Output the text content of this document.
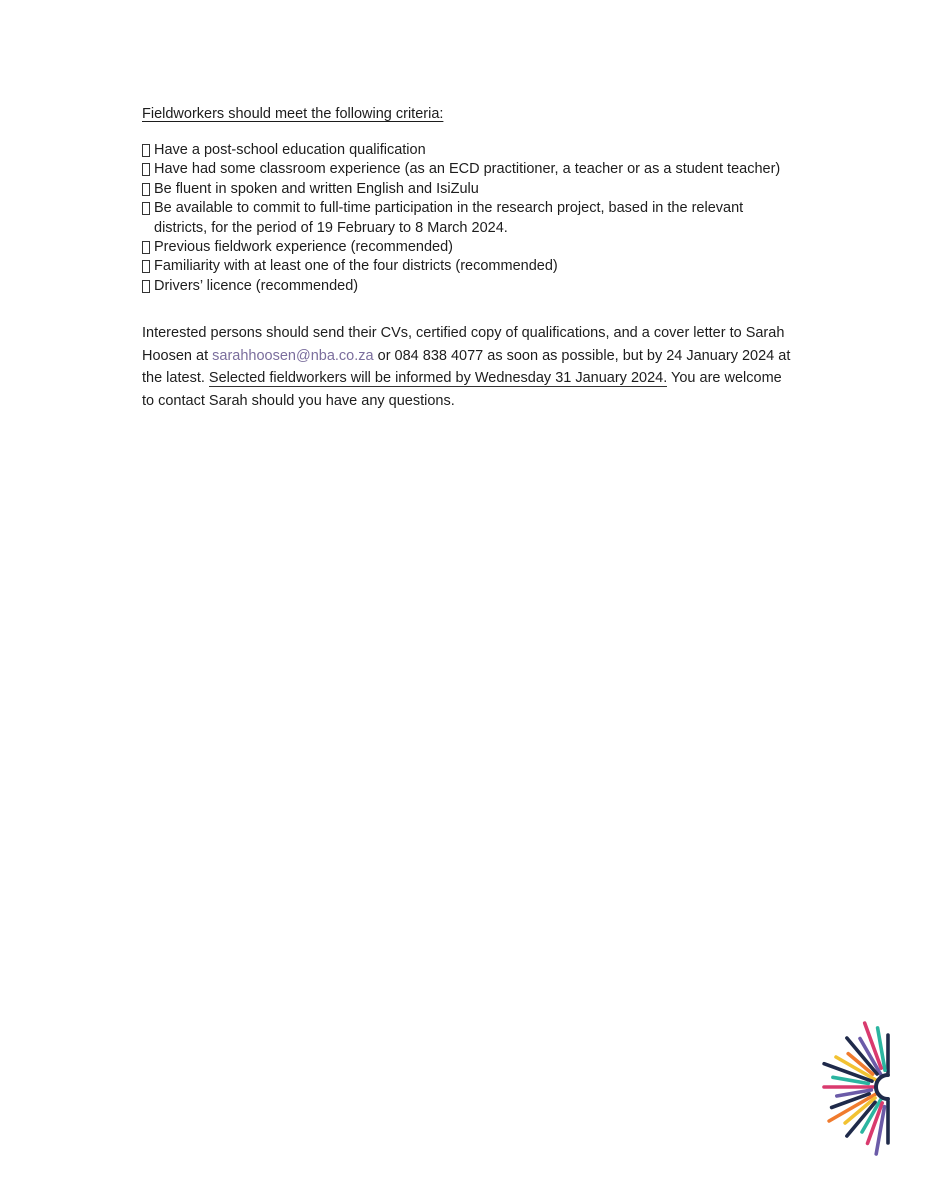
Fieldworkers should meet the following criteria:
Have a post-school education qualification
Have had some classroom experience (as an ECD practitioner, a teacher or as a student teacher)
Be fluent in spoken and written English and IsiZulu
Be available to commit to full-time participation in the research project, based in the relevant districts, for the period of 19 February to 8 March 2024.
Previous fieldwork experience (recommended)
Familiarity with at least one of the four districts (recommended)
Drivers’ licence (recommended)
Interested persons should send their CVs, certified copy of qualifications, and a cover letter to Sarah Hoosen at sarahhoosen@nba.co.za or 084 838 4077 as soon as possible, but by 24 January 2024 at the latest. Selected fieldworkers will be informed by Wednesday 31 January 2024. You are welcome to contact Sarah should you have any questions.
